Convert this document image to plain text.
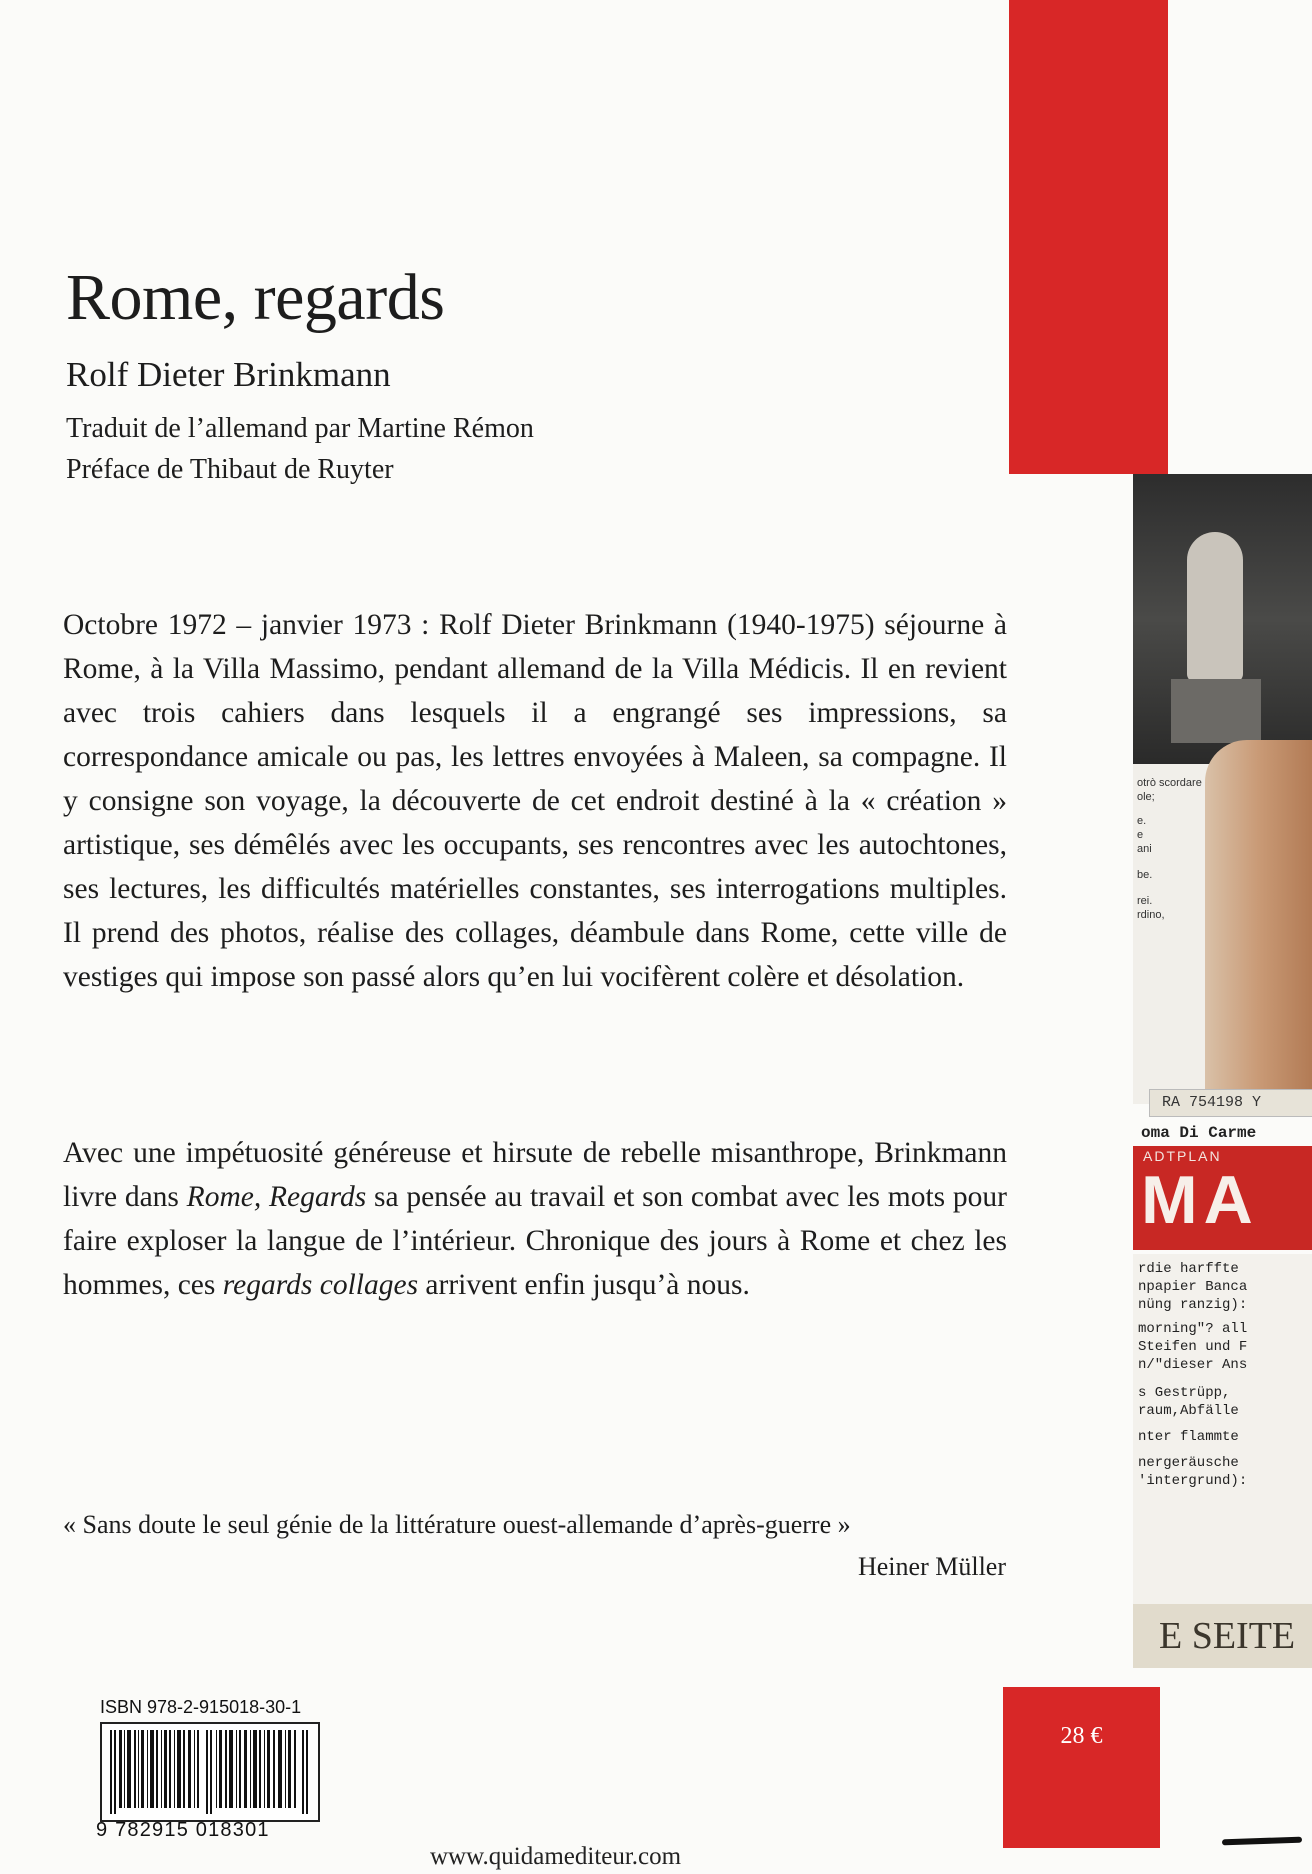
Rome, regards
Rolf Dieter Brinkmann
Traduit de l’allemand par Martine Rémon
Préface de Thibaut de Ruyter

Octobre 1972 – janvier 1973 : Rolf Dieter Brinkmann (1940-1975) séjourne à Rome, à la Villa Massimo, pendant allemand de la Villa Médicis. Il en revient avec trois cahiers dans lesquels il a engrangé ses impressions, sa correspondance amicale ou pas, les lettres envoyées à Maleen, sa compagne. Il y consigne son voyage, la découverte de cet endroit destiné à la « création » artistique, ses démêlés avec les occupants, ses rencontres avec les autochtones, ses lectures, les difficultés matérielles constantes, ses interrogations multiples. Il prend des photos, réalise des collages, déambule dans Rome, cette ville de vestiges qui impose son passé alors qu’en lui vocifèrent colère et désolation.

Avec une impétuosité généreuse et hirsute de rebelle misanthrope, Brinkmann livre dans Rome, Regards sa pensée au travail et son combat avec les mots pour faire exploser la langue de l’intérieur. Chronique des jours à Rome et chez les hommes, ces regards collages arrivent enfin jusqu’à nous.

« Sans doute le seul génie de la littérature ouest-allemande d’après-guerre »
Heiner Müller
otrò scordare
ole;
e.
e
ani
be.
rei.
rdino,
RA 754198 Y
oma Di Carme
ADTPLAN
MA
rdie harffte
npapier Banca
nüng ranzig):
morning"? all
Steifen und F
n/"dieser Ans
s Gestrüpp,
raum,Abfälle
nter flammte
nergeräusche
'intergrund):
E SEITE
ISBN 978-2-915018-30-1
9 782915 018301
28 €
www.quidamediteur.com
